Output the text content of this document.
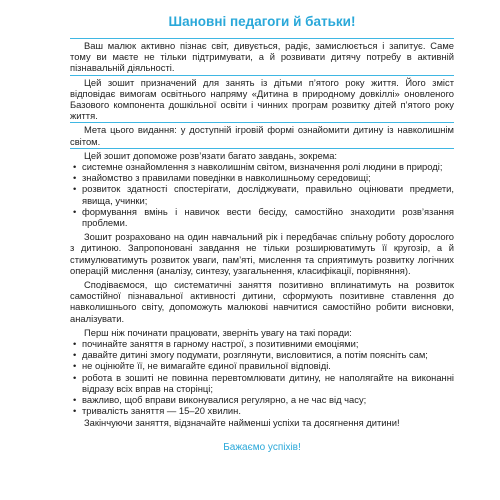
Шановні педагоги й батьки!

Ваш малюк активно пізнає світ, дивується, радіє, замислюється і запитує. Саме тому ви маєте не тільки підтримувати, а й розвивати дитячу потребу в активній пізнавальній діяльності.

Цей зошит призначений для занять із дітьми п’ятого року життя. Його зміст відповідає вимогам освітнього напряму «Дитина в природному довкіллі» оновленого Базового компонента дошкільної освіти і чинних програм розвитку дітей п’ятого року життя.

Мета цього видання: у доступній ігровій формі ознайомити дитину із навколишнім світом.

Цей зошит допоможе розв’язати багато завдань, зокрема:

• системне ознайомлення з навколишнім світом, визначення ролі людини в природі;
• знайомство з правилами поведінки в навколишньому середовищі;
• розвиток здатності спостерігати, досліджувати, правильно оцінювати предмети, явища, учинки;
• формування вмінь і навичок вести бесіду, самостійно знаходити розв’язання проблеми.

Зошит розраховано на один навчальний рік і передбачає спільну роботу дорослого з дитиною. Запропоновані завдання не тільки розширюватимуть її кругозір, а й стимулюватимуть розвиток уваги, пам’яті, мислення та сприятимуть розвитку логічних операцій мислення (аналізу, синтезу, узагальнення, класифікації, порівняння).

Сподіваємося, що систематичні заняття позитивно вплинатимуть на розвиток самостійної пізнавальної активності дитини, сформують позитивне ставлення до навколишнього світу, допоможуть малюкові навчитися самостійно робити висновки, аналізувати.

Перш ніж починати працювати, зверніть увагу на такі поради:

• починайте заняття в гарному настрої, з позитивними емоціями;
• давайте дитині змогу подумати, розглянути, висловитися, а потім поясніть сам;
• не оцінюйте її, не вимагайте єдиної правильної відповіді.
• робота в зошиті не повинна перевтомлювати дитину, не наполягайте на виконанні відразу всіх вправ на сторінці;
• важливо, щоб вправи виконувалися регулярно, а не час від часу;
• тривалість заняття — 15–20 хвилин.

Закінчуючи заняття, відзначайте найменші успіхи та досягнення дитини!

Бажаємо успіхів!
